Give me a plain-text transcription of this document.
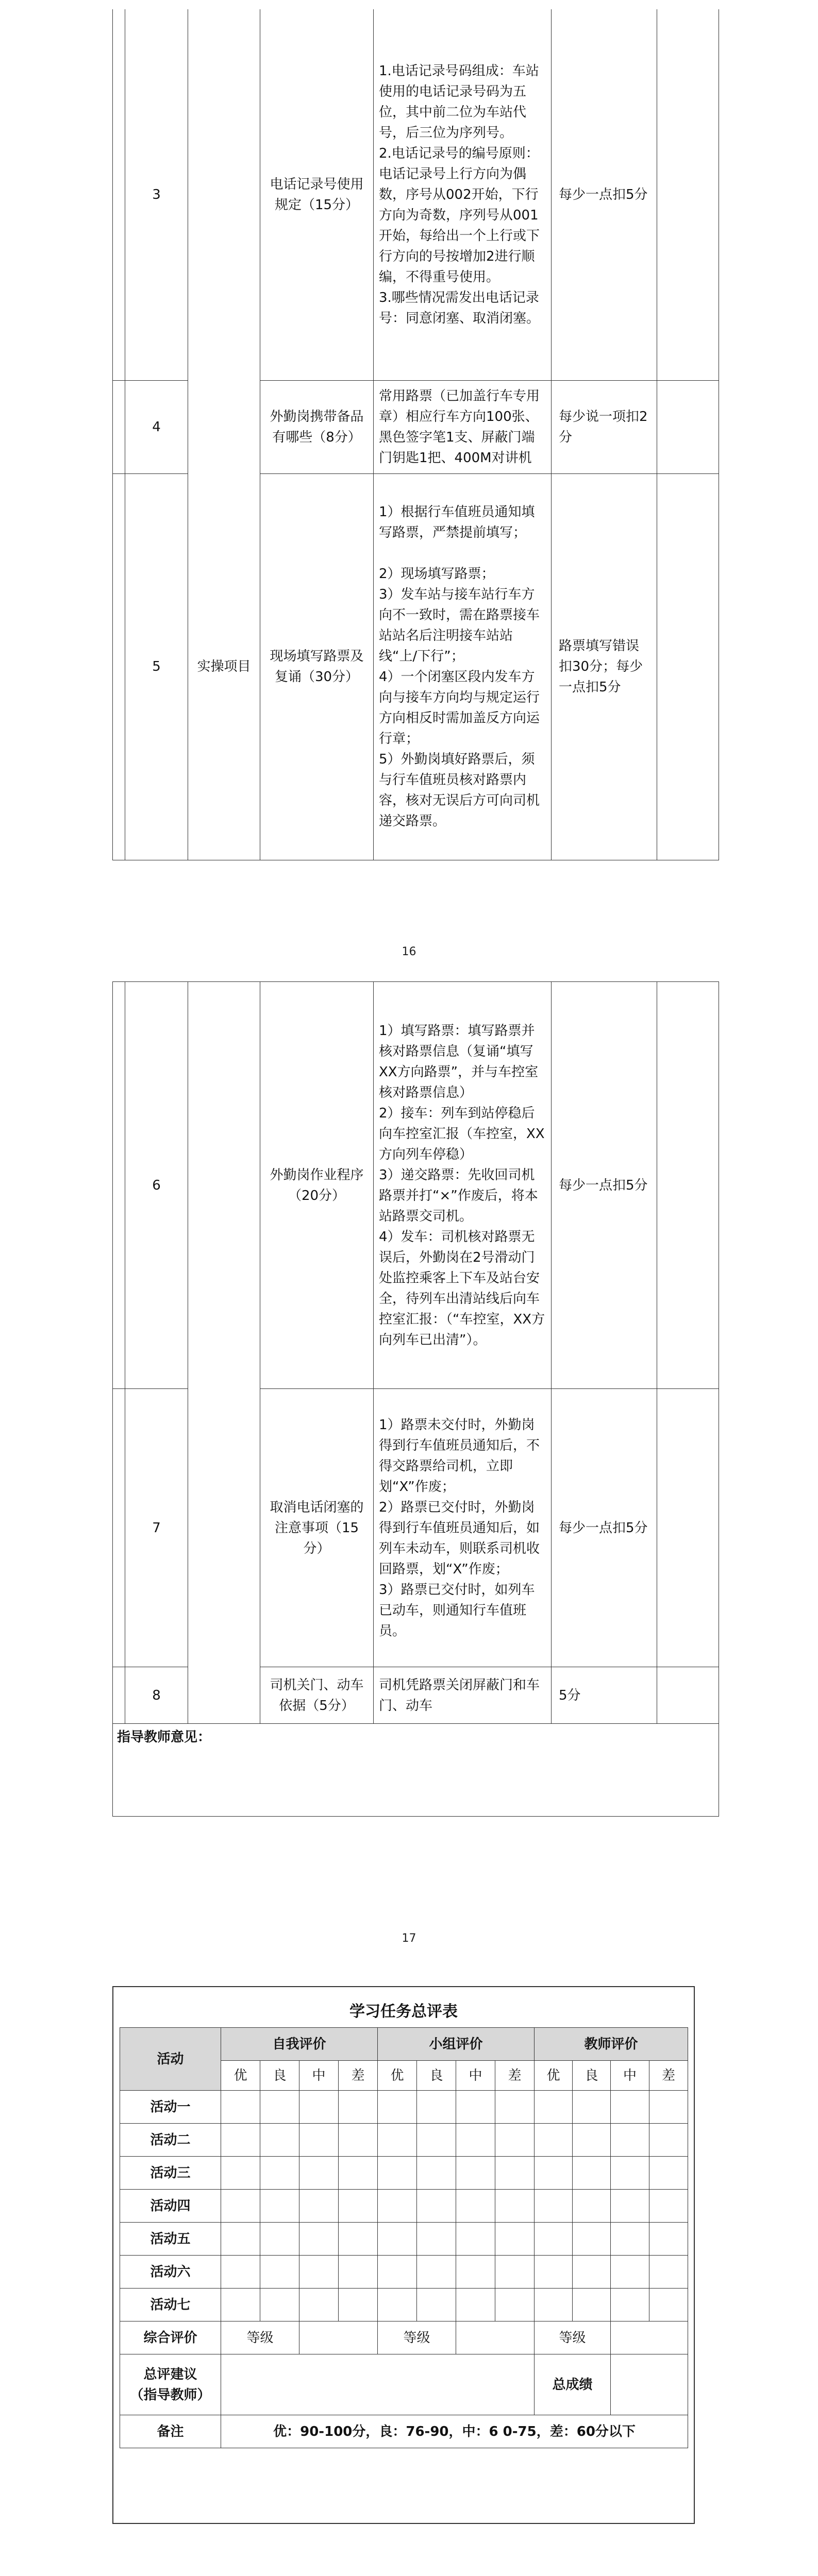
	3		电话记录号使用规定（15分）	1.电话记录号码组成：车站使用的电话记录号码为五位，其中前二位为车站代号，后三位为序列号。
2.电话记录号的编号原则：电话记录号上行方向为偶数，序号从002开始，下行方向为奇数，序列号从001开始，每给出一个上行或下行方向的号按增加2进行顺编，不得重号使用。
3.哪些情况需发出电话记录号：同意闭塞、取消闭塞。	每少一点扣5分	
	4		外勤岗携带备品有哪些（8分）	常用路票（已加盖行车专用章）相应行车方向100张、黑色签字笔1支、屏蔽门端门钥匙1把、400M对讲机	每少说一项扣2分	
	5	实操项目	现场填写路票及复诵（30分）	1）根据行车值班员通知填写路票，严禁提前填写；

2）现场填写路票；
3）发车站与接车站行车方向不一致时，需在路票接车站站名后注明接车站站线“上/下行”；
4）一个闭塞区段内发车方向与接车方向均与规定运行方向相反时需加盖反方向运行章；
5）外勤岗填好路票后，须与行车值班员核对路票内容，核对无误后方可向司机递交路票。	路票填写错误扣30分；每少一点扣5分	
16
	6		外勤岗作业程序（20分）	1）填写路票：填写路票并核对路票信息（复诵“填写XX方向路票”，并与车控室核对路票信息）
2）接车：列车到站停稳后向车控室汇报（车控室，XX方向列车停稳）
3）递交路票：先收回司机路票并打“×”作废后，将本站路票交司机。
4）发车：司机核对路票无误后，外勤岗在2号滑动门处监控乘客上下车及站台安全，待列车出清站线后向车控室汇报：（“车控室，XX方向列车已出清”）。	每少一点扣5分	
	7		取消电话闭塞的注意事项（15分）	1）路票未交付时，外勤岗得到行车值班员通知后，不得交路票给司机，立即划“X”作废；
2）路票已交付时，外勤岗得到行车值班员通知后，如列车未动车，则联系司机收回路票，划“X”作废；
3）路票已交付时，如列车已动车，则通知行车值班员。	每少一点扣5分	
	8		司机关门、动车依据（5分）	司机凭路票关闭屏蔽门和车门、动车	5分	
指导教师意见：						
17
学习任务总评表
活动	自我评价				小组评价				教师评价			
	优	良	中	差	优	良	中	差	优	良	中	差
活动一												
活动二												
活动三												
活动四												
活动五												
活动六												
活动七												
综合评价	等级				等级				等级			

总评建议
（指导教师）									总成绩			
备注	优：90-100分，良：76-90，中：6 0-75，差：60分以下											
